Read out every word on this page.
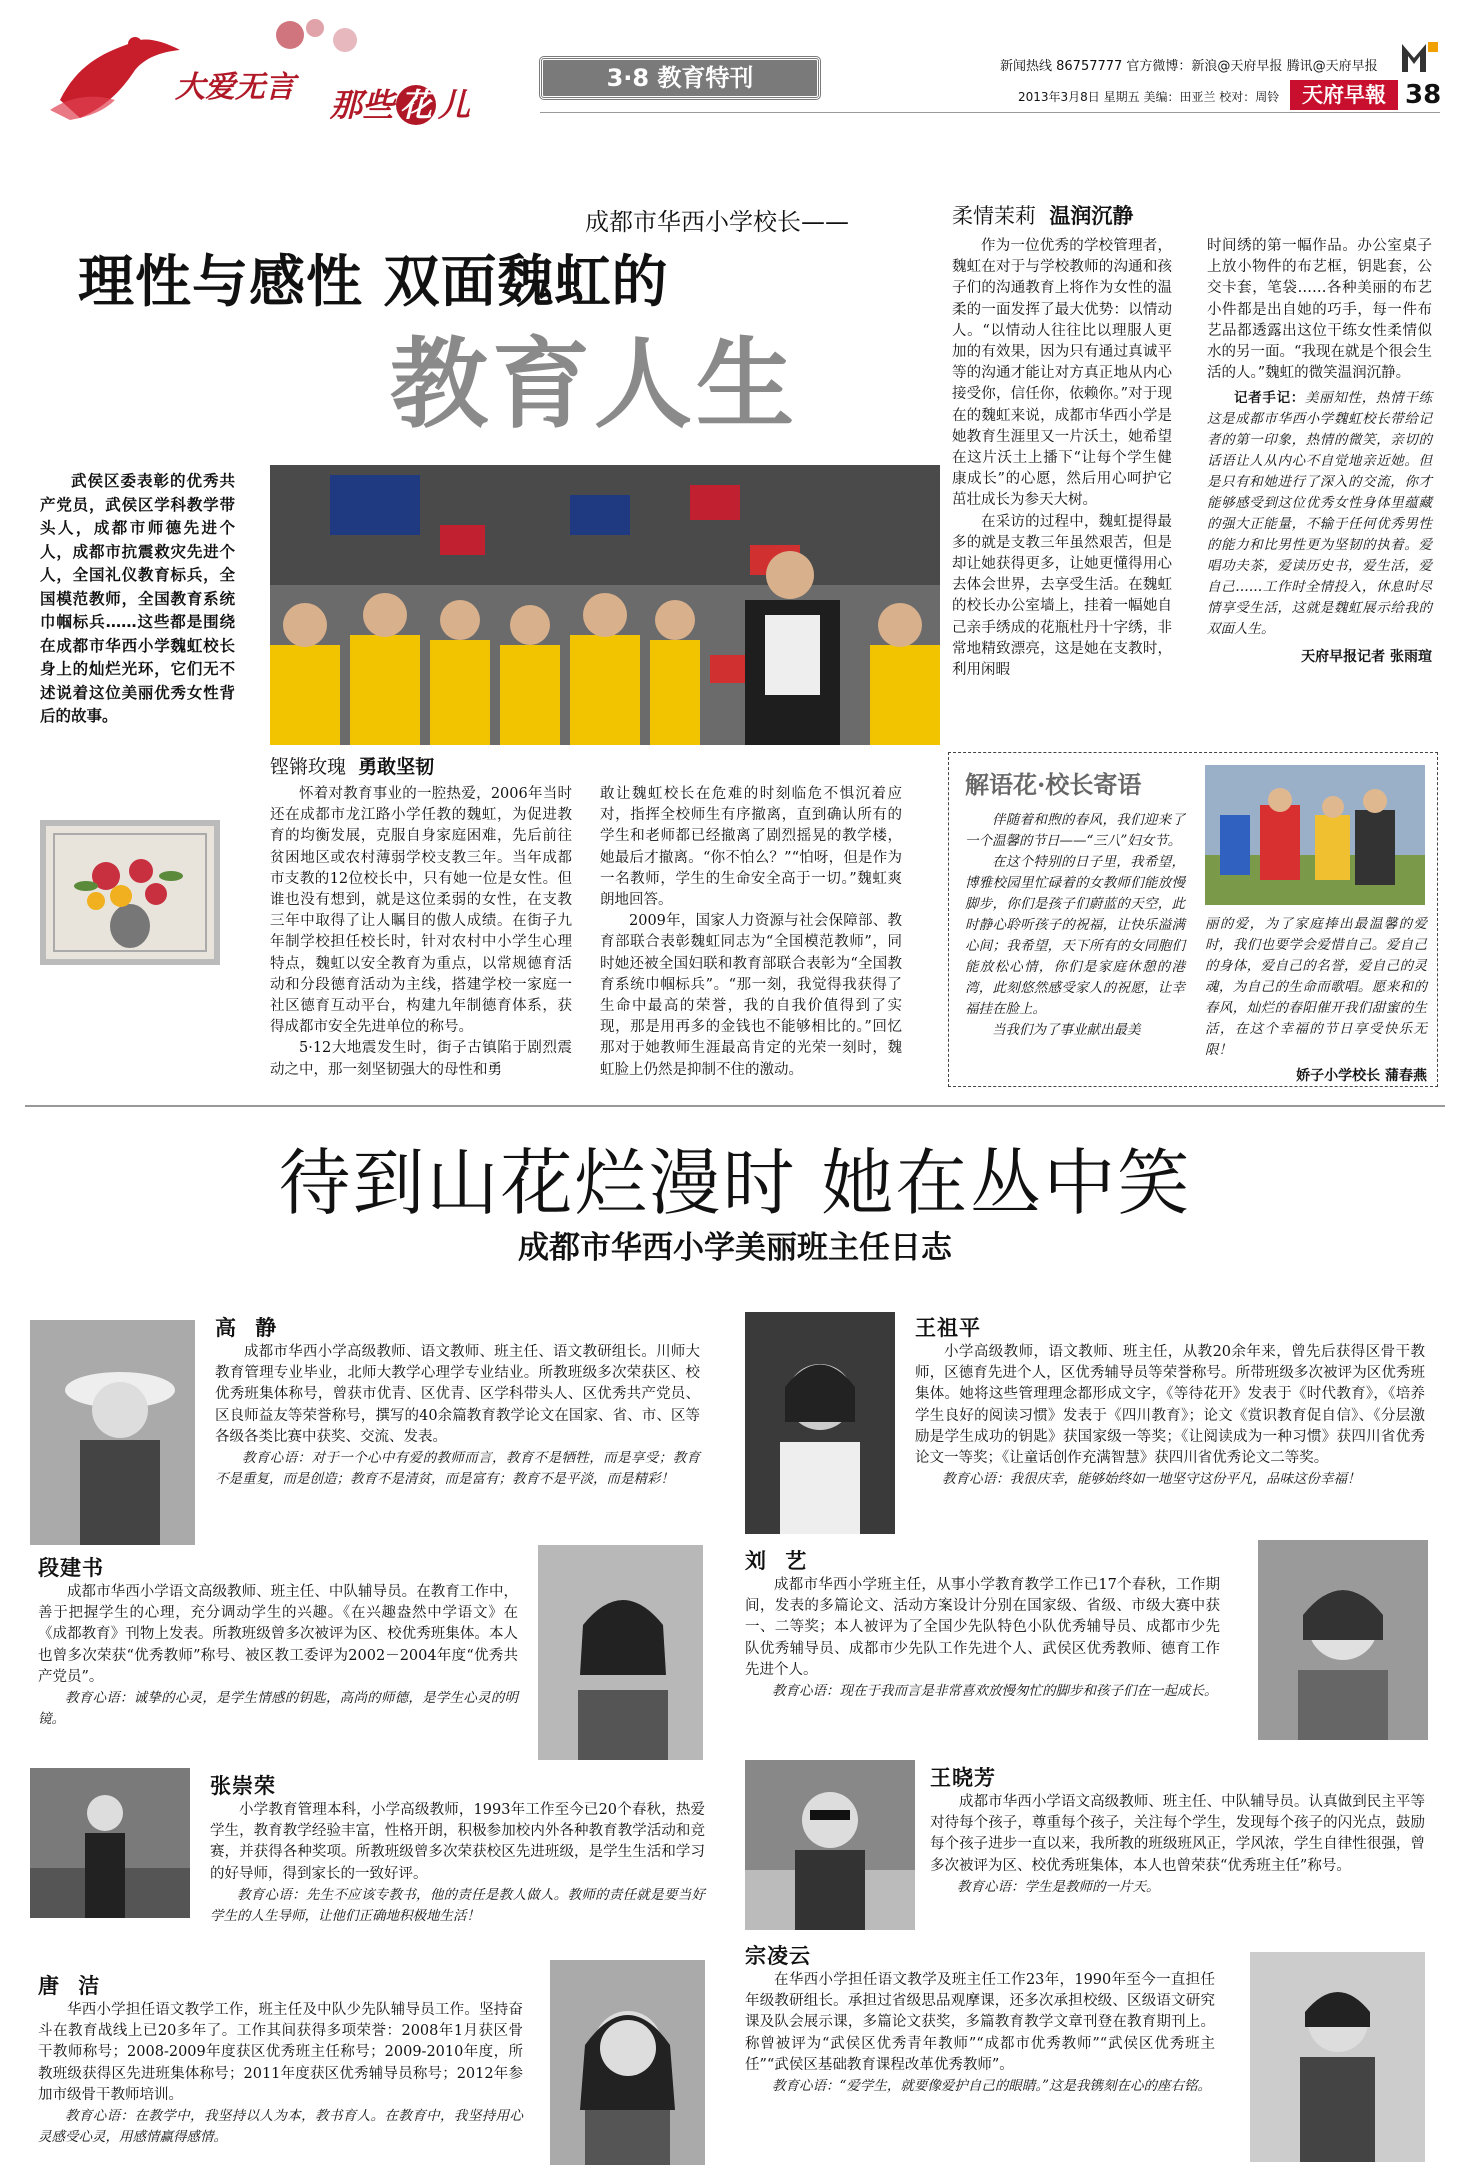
大爱无言 那些 花 儿
3·8 教育特刊	新闻热线 86757777 官方微博：新浪@天府早报 腾讯@天府早报
2013年3月8日 星期五 美编：田亚兰 校对：周铃	天府早報 38
成都市华西小学校长——
理性与感性 双面魏虹的
教育人生
武侯区委表彰的优秀共产党员，武侯区学科教学带头人，成都市师德先进个人，成都市抗震救灾先进个人，全国礼仪教育标兵，全国模范教师，全国教育系统巾帼标兵……这些都是围绕在成都市华西小学魏虹校长身上的灿烂光环，它们无不述说着这位美丽优秀女性背后的故事。
铿锵玫瑰 勇敢坚韧

怀着对教育事业的一腔热爱，2006年当时还在成都市龙江路小学任教的魏虹，为促进教育的均衡发展，克服自身家庭困难，先后前往贫困地区或农村薄弱学校支教三年。当年成都市支教的12位校长中，只有她一位是女性。但谁也没有想到，就是这位柔弱的女性，在支教三年中取得了让人瞩目的傲人成绩。在街子九年制学校担任校长时，针对农村中小学生心理特点，魏虹以安全教育为重点，以常规德育活动和分段德育活动为主线，搭建学校一家庭一社区德育互动平台，构建九年制德育体系，获得成都市安全先进单位的称号。

5·12大地震发生时，街子古镇陷于剧烈震动之中，那一刻坚韧强大的母性和勇

敢让魏虹校长在危难的时刻临危不惧沉着应对，指挥全校师生有序撤离，直到确认所有的学生和老师都已经撤离了剧烈摇晃的教学楼，她最后才撤离。“你不怕么？”“怕呀，但是作为一名教师，学生的生命安全高于一切。”魏虹爽朗地回答。

2009年，国家人力资源与社会保障部、教育部联合表彰魏虹同志为“全国模范教师”，同时她还被全国妇联和教育部联合表彰为“全国教育系统巾帼标兵”。“那一刻，我觉得我获得了生命中最高的荣誉，我的自我价值得到了实现，那是用再多的金钱也不能够相比的。”回忆那对于她教师生涯最高肯定的光荣一刻时，魏虹脸上仍然是抑制不住的激动。

柔情茉莉 温润沉静

作为一位优秀的学校管理者，魏虹在对于与学校教师的沟通和孩子们的沟通教育上将作为女性的温柔的一面发挥了最大优势：以情动人。“以情动人往往比以理服人更加的有效果，因为只有通过真诚平等的沟通才能让对方真正地从内心接受你，信任你，依赖你。”对于现在的魏虹来说，成都市华西小学是她教育生涯里又一片沃土，她希望在这片沃土上播下“让每个学生健康成长”的心愿，然后用心呵护它茁壮成长为参天大树。

在采访的过程中，魏虹提得最多的就是支教三年虽然艰苦，但是却让她获得更多，让她更懂得用心去体会世界，去享受生活。在魏虹的校长办公室墙上，挂着一幅她自己亲手绣成的花瓶杜丹十字绣，非常地精致漂亮，这是她在支教时，利用闲暇

时间绣的第一幅作品。办公室桌子上放小物件的布艺框，钥匙套，公交卡套，笔袋……各种美丽的布艺小件都是出自她的巧手，每一件布艺品都透露出这位干练女性柔情似水的另一面。“我现在就是个很会生活的人。”魏虹的微笑温润沉静。

记者手记：美丽知性，热情干练这是成都市华西小学魏虹校长带给记者的第一印象，热情的微笑，亲切的话语让人从内心不自觉地亲近她。但是只有和她进行了深入的交流，你才能够感受到这位优秀女性身体里蕴藏的强大正能量，不输于任何优秀男性的能力和比男性更为坚韧的执着。爱唱功夫茶，爱读历史书，爱生活，爱自己……工作时全情投入，休息时尽情享受生活，这就是魏虹展示给我的双面人生。

天府早报记者 张雨瑄

解语花·校长寄语

伴随着和煦的春风，我们迎来了一个温馨的节日——“三八”妇女节。

在这个特别的日子里，我希望，博雅校园里忙碌着的女教师们能放慢脚步，你们是孩子们蔚蓝的天空，此时静心聆听孩子的祝福，让快乐溢满心间；我希望，天下所有的女同胞们能放松心情，你们是家庭休憩的港湾，此刻悠然感受家人的祝愿，让幸福挂在脸上。

当我们为了事业献出最美

丽的爱，为了家庭捧出最温馨的爱时，我们也要学会爱惜自己。爱自己的身体，爱自己的名誉，爱自己的灵魂，为自己的生命而歌唱。愿来和的春风，灿烂的春阳催开我们甜蜜的生活，在这个幸福的节日享受快乐无限！

娇子小学校长 蒲春燕

待到山花烂漫时 她在丛中笑
成都市华西小学美丽班主任日志
高 静

成都市华西小学高级教师、语文教师、班主任、语文教研组长。川师大教育管理专业毕业，北师大教学心理学专业结业。所教班级多次荣获区、校优秀班集体称号，曾获市优青、区优青、区学科带头人、区优秀共产党员、区良师益友等荣誉称号，撰写的40余篇教育教学论文在国家、省、市、区等各级各类比赛中获奖、交流、发表。

教育心语：对于一个心中有爱的教师而言，教育不是牺牲，而是享受；教育不是重复，而是创造；教育不是清贫，而是富有；教育不是平淡，而是精彩！

王祖平

小学高级教师，语文教师、班主任，从教20余年来，曾先后获得区骨干教师，区德育先进个人，区优秀辅导员等荣誉称号。所带班级多次被评为区优秀班集体。她将这些管理理念都形成文字，《等待花开》发表于《时代教育》，《培养学生良好的阅读习惯》发表于《四川教育》；论文《赏识教育促自信》、《分层激励是学生成功的钥匙》获国家级一等奖；《让阅读成为一种习惯》获四川省优秀论文一等奖；《让童话创作充满智慧》获四川省优秀论文二等奖。

教育心语：我很庆幸，能够始终如一地坚守这份平凡，品味这份幸福！

段建书

成都市华西小学语文高级教师、班主任、中队辅导员。在教育工作中，善于把握学生的心理，充分调动学生的兴趣。《在兴趣盎然中学语文》在《成都教育》刊物上发表。所教班级曾多次被评为区、校优秀班集体。本人也曾多次荣获“优秀教师”称号、被区教工委评为2002－2004年度“优秀共产党员”。

教育心语：诚挚的心灵，是学生情感的钥匙，高尚的师德，是学生心灵的明镜。

刘 艺

成都市华西小学班主任，从事小学教育教学工作已17个春秋，工作期间，发表的多篇论文、活动方案设计分别在国家级、省级、市级大赛中获一、二等奖；本人被评为了全国少先队特色小队优秀辅导员、成都市少先队优秀辅导员、成都市少先队工作先进个人、武侯区优秀教师、德育工作先进个人。

教育心语：现在于我而言是非常喜欢放慢匆忙的脚步和孩子们在一起成长。

张崇荣

小学教育管理本科，小学高级教师，1993年工作至今已20个春秋，热爱学生，教育教学经验丰富，性格开朗，积极参加校内外各种教育教学活动和竞赛，并获得各种奖项。所教班级曾多次荣获校区先进班级，是学生生活和学习的好导师，得到家长的一致好评。

教育心语：先生不应该专教书，他的责任是教人做人。教师的责任就是要当好学生的人生导师，让他们正确地积极地生活！

王晓芳

成都市华西小学语文高级教师、班主任、中队辅导员。认真做到民主平等对待每个孩子，尊重每个孩子，关注每个学生，发现每个孩子的闪光点，鼓励每个孩子进步一直以来，我所教的班级班风正，学风浓，学生自律性很强，曾多次被评为区、校优秀班集体，本人也曾荣获“优秀班主任”称号。

教育心语：学生是教师的一片天。

唐 洁

华西小学担任语文教学工作，班主任及中队少先队辅导员工作。坚持奋斗在教育战线上已20多年了。工作其间获得多项荣誉：2008年1月获区骨干教师称号；2008-2009年度获区优秀班主任称号；2009-2010年度，所教班级获得区先进班集体称号；2011年度获区优秀辅导员称号；2012年参加市级骨干教师培训。

教育心语：在教学中，我坚持以人为本，教书育人。在教育中，我坚持用心灵感受心灵，用感情赢得感情。

宗凌云

在华西小学担任语文教学及班主任工作23年，1990年至今一直担任年级教研组长。承担过省级思品观摩课，还多次承担校级、区级语文研究课及队会展示课，多篇论文获奖，多篇教育教学文章刊登在教育期刊上。称曾被评为“武侯区优秀青年教师”“成都市优秀教师”“武侯区优秀班主任”“武侯区基础教育课程改革优秀教师”。

教育心语：“爱学生，就要像爱护自己的眼睛。”这是我镌刻在心的座右铭。
